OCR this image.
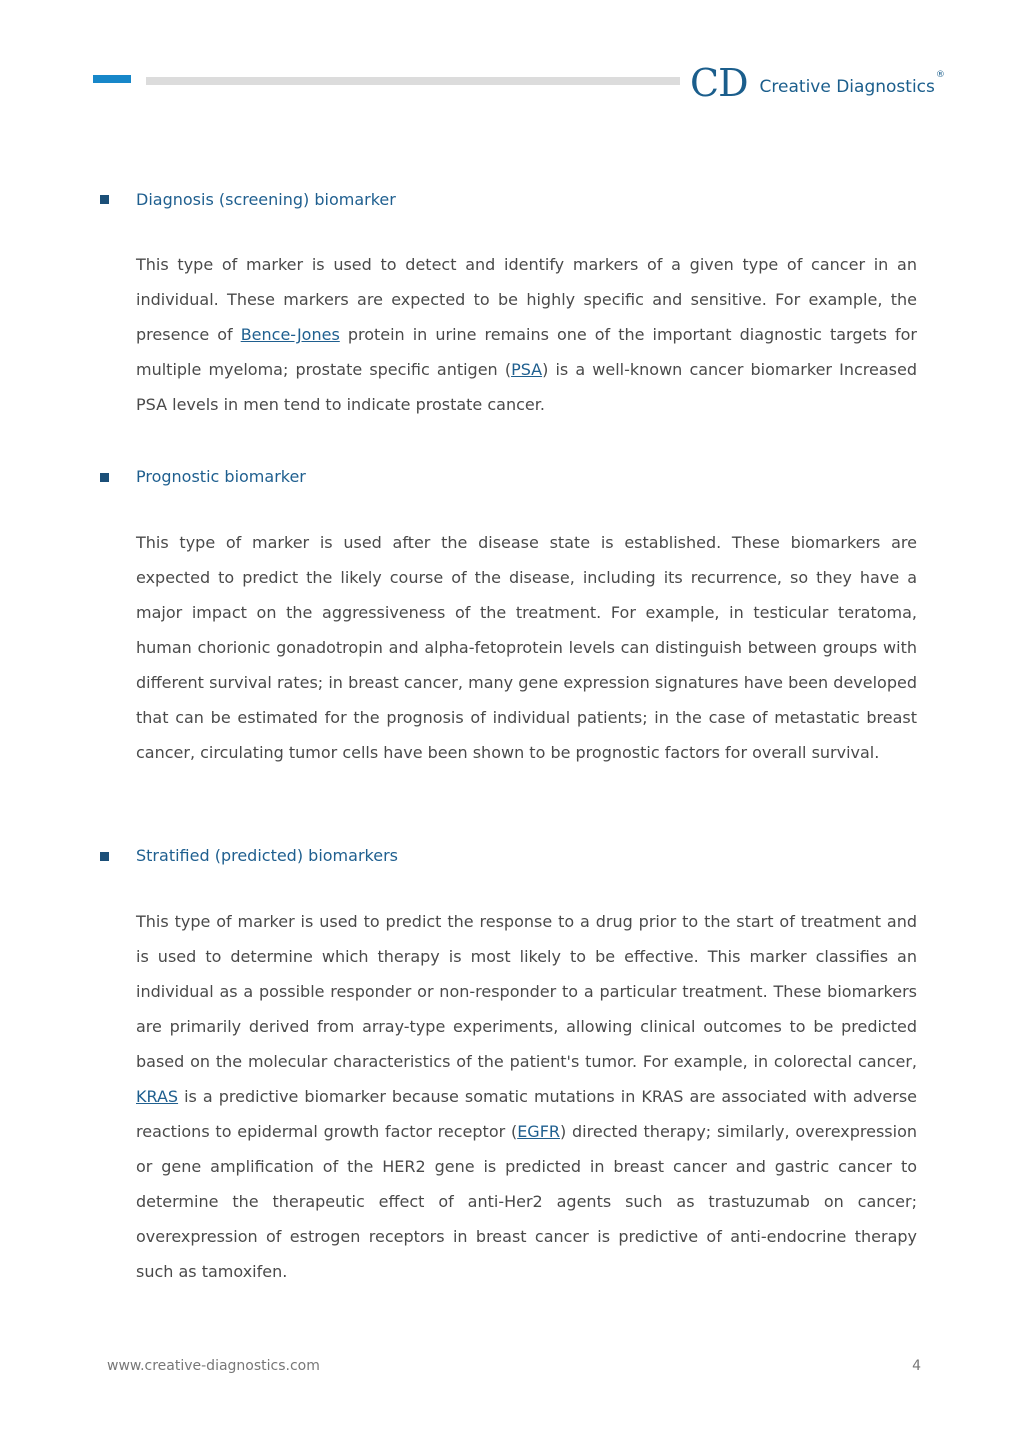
CD Creative Diagnostics
®
Diagnosis (screening) biomarker

This type of marker is used to detect and identify markers of a given type of cancer in an individual. These markers are expected to be highly specific and sensitive. For example, the presence of Bence-Jones protein in urine remains one of the important diagnostic targets for multiple myeloma; prostate specific antigen (PSA) is a well-known cancer biomarker Increased PSA levels in men tend to indicate prostate cancer.

Prognostic biomarker

This type of marker is used after the disease state is established. These biomarkers are expected to predict the likely course of the disease, including its recurrence, so they have a major impact on the aggressiveness of the treatment. For example, in testicular teratoma, human chorionic gonadotropin and alpha-fetoprotein levels can distinguish between groups with different survival rates; in breast cancer, many gene expression signatures have been developed that can be estimated for the prognosis of individual patients; in the case of metastatic breast cancer, circulating tumor cells have been shown to be prognostic factors for overall survival.

Stratified (predicted) biomarkers

This type of marker is used to predict the response to a drug prior to the start of treatment and is used to determine which therapy is most likely to be effective. This marker classifies an individual as a possible responder or non-responder to a particular treatment. These biomarkers are primarily derived from array-type experiments, allowing clinical outcomes to be predicted based on the molecular characteristics of the patient's tumor. For example, in colorectal cancer, KRAS is a predictive biomarker because somatic mutations in KRAS are associated with adverse reactions to epidermal growth factor receptor (EGFR) directed therapy; similarly, overexpression or gene amplification of the HER2 gene is predicted in breast cancer and gastric cancer to determine the therapeutic effect of anti-Her2 agents such as trastuzumab on cancer; overexpression of estrogen receptors in breast cancer is predictive of anti-endocrine therapy such as tamoxifen.

www.creative-diagnostics.com	4
